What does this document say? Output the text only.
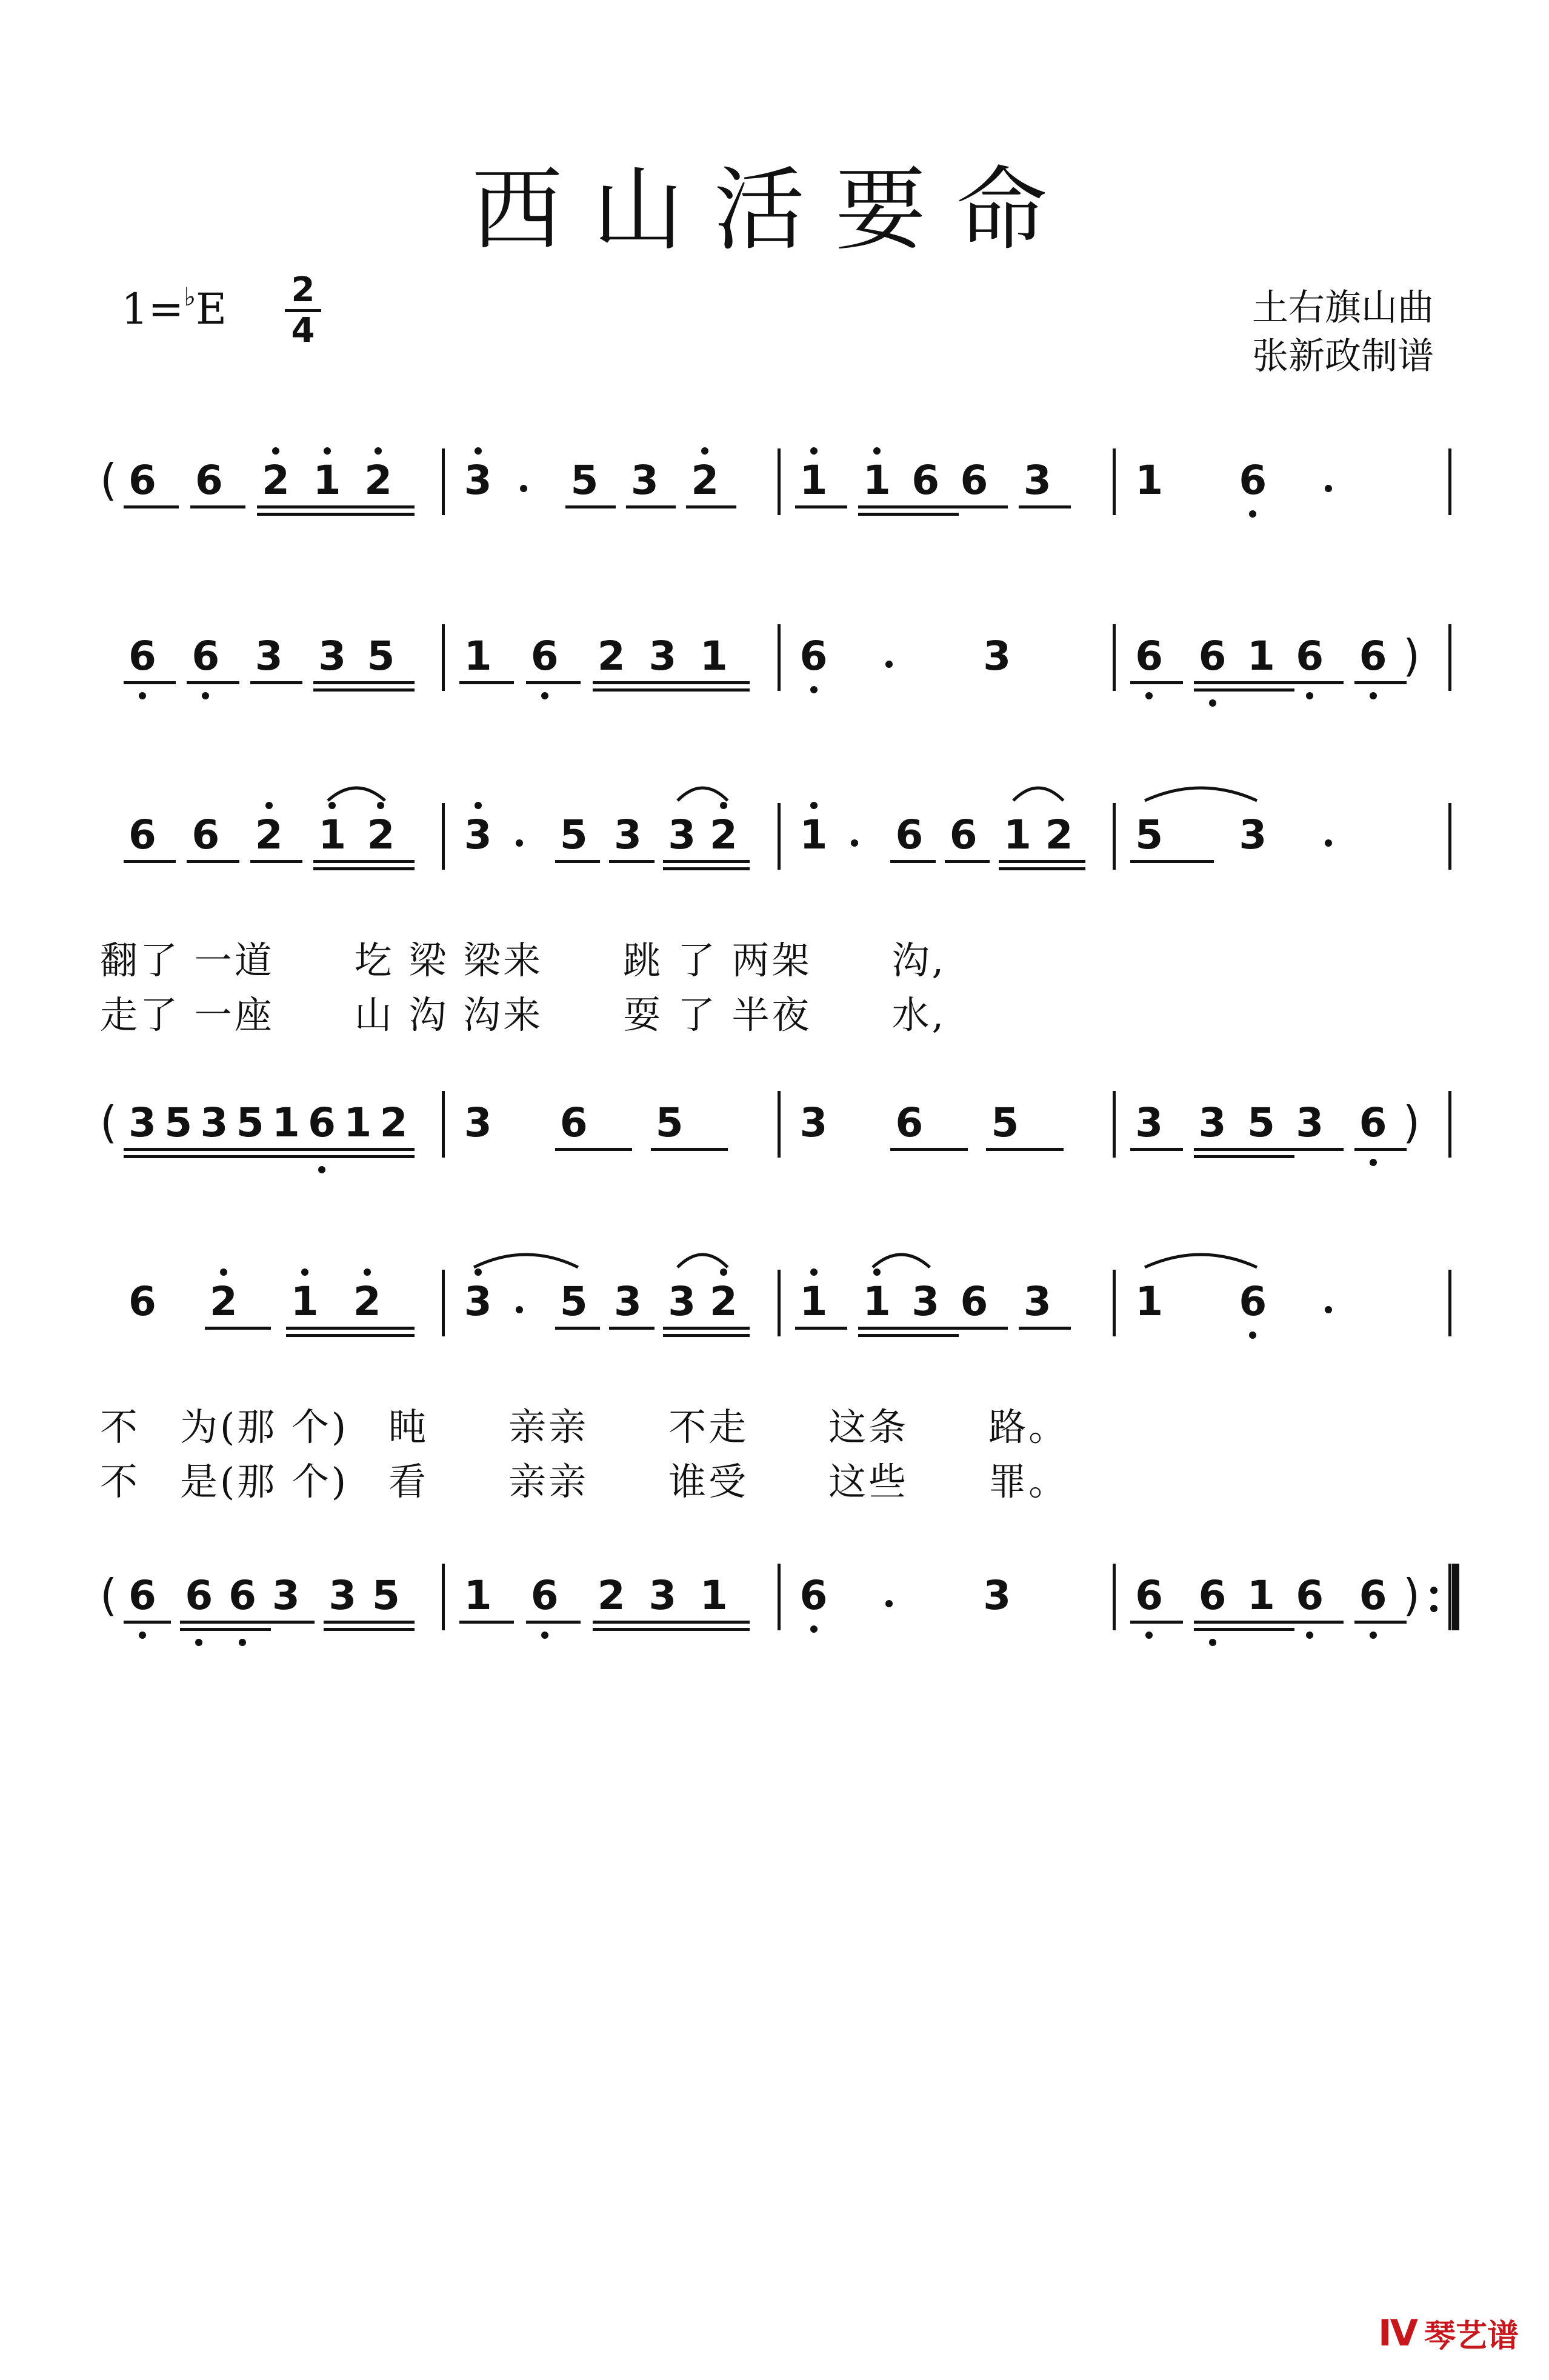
西山活要命
1=♭E 2
4
土右旗山曲
张新政制谱
( 6 6 2 1 2 3 5 3 2 1 1 6 6 3 1 6
6 6 3 3 5 1 6 2 3 1 6	3	6 6 1 6 6 )
6 6 2 1 2 3 5 3 3 2 1 6 6 1 2 5 3
翻了 一道　　圪 梁 梁来　　跳 了 两架　　沟,
走了 一座　　山 沟 沟来　　耍 了 半夜　　水,
( 3 5 3 5 1 6 1 2 3 6 5	3 6 5	3 3 5 3 6 )
6 2 1 2 3 5 3 3 2 1 1 3 6 3 1 6
不　为(那 个)　盹　　亲亲　　不走　　这条　　路。
不　是(那 个)　看　　亲亲　　谁受　　这些　　罪。
( 6 6 6 3 3 5 1 6 2 3 1 6	3	6 6 1 6 6 )
Ⅳ 琴艺谱
